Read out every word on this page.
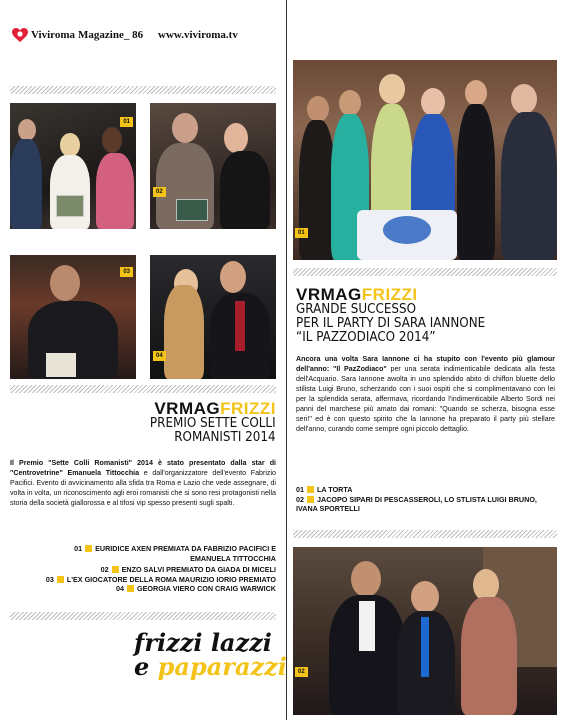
Viviroma Magazine_ 86 www.viviroma.tv
01
02
03
04
VRMAGFRIZZI
PREMIO SETTE COLLI
ROMANISTI 2014
Il Premio "Sette Colli Romanisti" 2014 è stato presentato dalla star di "Centrovetrine" Emanuela Tittocchia e dall'organizzatore dell'evento Fabrizio Pacifici. Evento di avvicinamento alla sfida tra Roma e Lazio che vede assegnare, di volta in volta, un riconoscimento agli eroi romanisti che si sono resi protagonisti nella storia della società giallorossa e al tifosi vip spesso presenti sugli spalti.
01 EURIDICE AXEN PREMIATA DA FABRIZIO PACIFICI E
EMANUELA TITTOCCHIA
02 ENZO SALVI PREMIATO DA GIADA DI MICELI
03 L'EX GIOCATORE DELLA ROMA MAURIZIO IORIO PREMIATO
04 GEORGIA VIERO CON CRAIG WARWICK
frizzi lazzi
e paparazzi
01
VRMAGFRIZZI
GRANDE SUCCESSO
PER IL PARTY DI SARA IANNONE
“IL PAZZODIACO 2014”
Ancora una volta Sara Iannone ci ha stupito con l'evento più glamour dell'anno: "Il PazZodiaco" per una serata indimenticabile dedicata alla festa dell'Acquario. Sara Iannone awolta in uno splendido abito di chiffon bluette dello stilista Luigi Bruno, scherzando con i suoi ospiti che si complimentavano con lei per la splendida serata, affermava, ricordando l'indimenticabile Alberto Sordi nei panni del marchese più amato dai romani: "Quando se scherza, bisogna esse seri!" ed è con questo spirito che la Iannone ha preparato il party più stellare dell'anno, curando come sempre ogni piccolo dettaglio.
01 LA TORTA
02 JACOPO SIPARI DI PESCASSEROLI, LO STLISTA LUIGI BRUNO,
IVANA SPORTELLI
02
